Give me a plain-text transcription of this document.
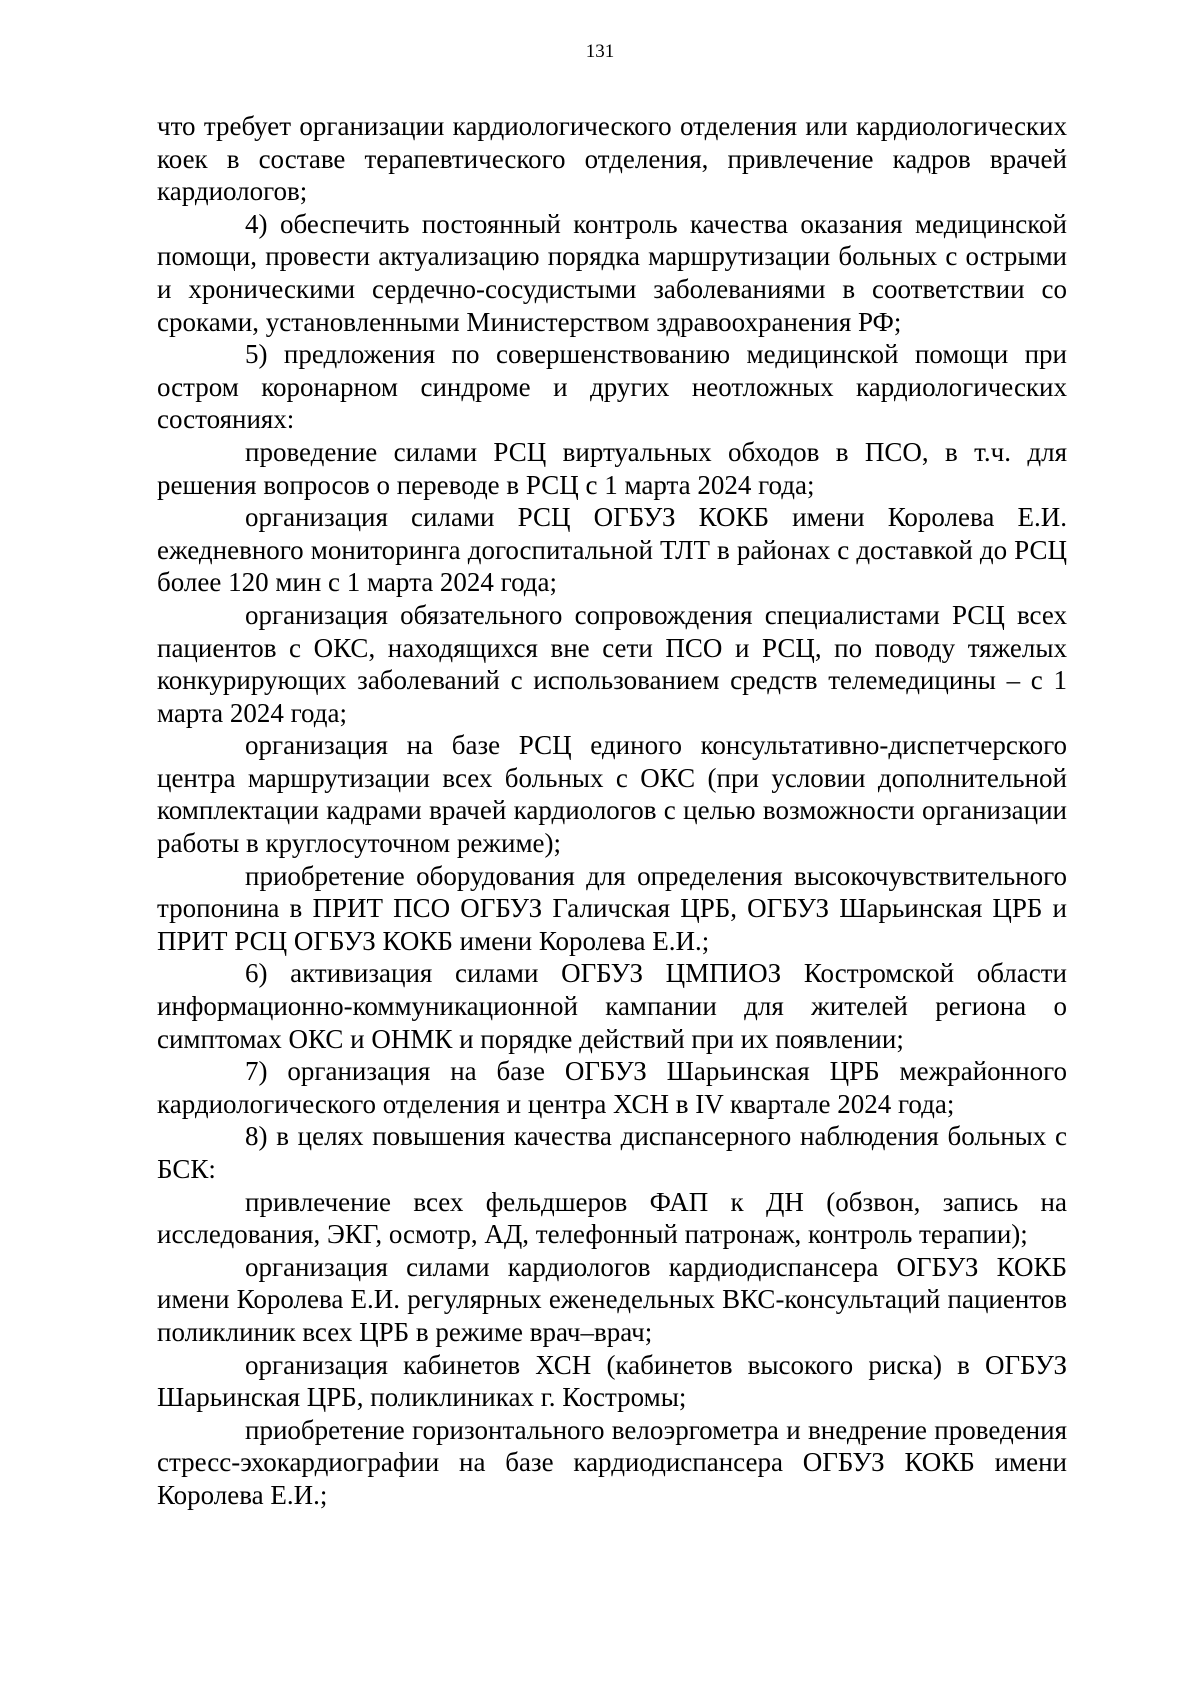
131

что требует организации кардиологического отделения или кардиологических коек в составе терапевтического отделения, привлечение кадров врачей кардиологов;

4) обеспечить постоянный контроль качества оказания медицинской помощи, провести актуализацию порядка маршрутизации больных с острыми и хроническими сердечно-сосудистыми заболеваниями в соответствии со сроками, установленными Министерством здравоохранения РФ;

5) предложения по совершенствованию медицинской помощи при остром коронарном синдроме и других неотложных кардиологических состояниях:

проведение силами РСЦ виртуальных обходов в ПСО, в т.ч. для решения вопросов о переводе в РСЦ с 1 марта 2024 года;

организация силами РСЦ ОГБУЗ КОКБ имени Королева Е.И. ежедневного мониторинга догоспитальной ТЛТ в районах с доставкой до РСЦ более 120 мин с 1 марта 2024 года;

организация обязательного сопровождения специалистами РСЦ всех пациентов с ОКС, находящихся вне сети ПСО и РСЦ, по поводу тяжелых конкурирующих заболеваний с использованием средств телемедицины – с 1 марта 2024 года;

организация на базе РСЦ единого консультативно-диспетчерского центра маршрутизации всех больных с ОКС (при условии дополнительной комплектации кадрами врачей кардиологов с целью возможности организации работы в круглосуточном режиме);

приобретение оборудования для определения высокочувствительного тропонина в ПРИТ ПСО ОГБУЗ Галичская ЦРБ, ОГБУЗ Шарьинская ЦРБ и ПРИТ РСЦ ОГБУЗ КОКБ имени Королева Е.И.;

6) активизация силами ОГБУЗ ЦМПИОЗ Костромской области информационно-коммуникационной кампании для жителей региона о симптомах ОКС и ОНМК и порядке действий при их появлении;

7) организация на базе ОГБУЗ Шарьинская ЦРБ межрайонного кардиологического отделения и центра ХСН в IV квартале 2024 года;

8) в целях повышения качества диспансерного наблюдения больных с БСК:

привлечение всех фельдшеров ФАП к ДН (обзвон, запись на исследования, ЭКГ, осмотр, АД, телефонный патронаж, контроль терапии);

организация силами кардиологов кардиодиспансера ОГБУЗ КОКБ имени Королева Е.И. регулярных еженедельных ВКС-консультаций пациентов поликлиник всех ЦРБ в режиме врач–врач;

организация кабинетов ХСН (кабинетов высокого риска) в ОГБУЗ Шарьинская ЦРБ, поликлиниках г. Костромы;

приобретение горизонтального велоэргометра и внедрение проведения стресс-эхокардиографии на базе кардиодиспансера ОГБУЗ КОКБ имени Королева Е.И.;
